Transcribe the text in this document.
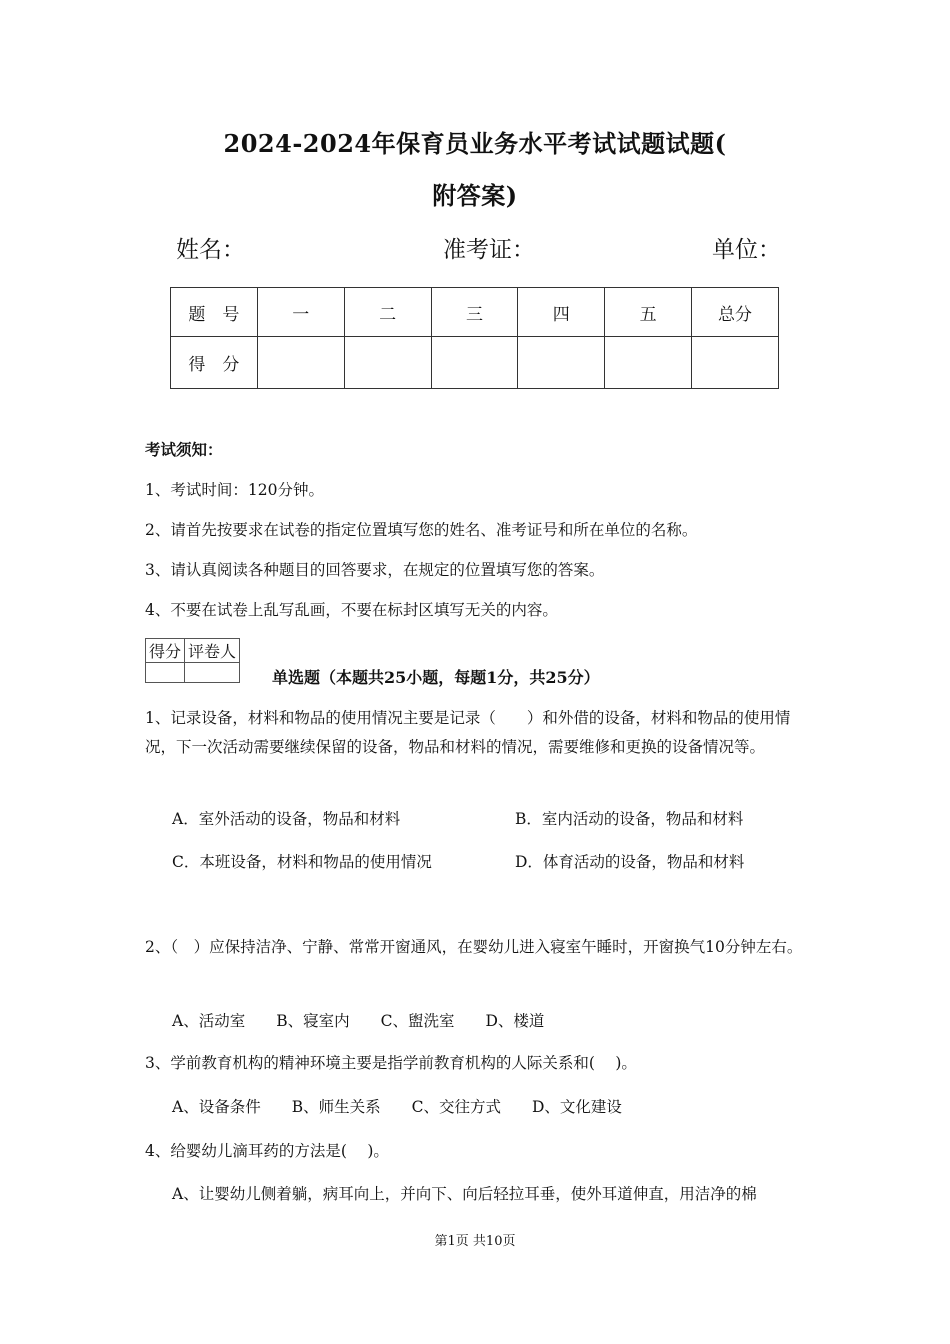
2024-2024年保育员业务水平考试试题试题(
附答案)
姓名：	准考证：	单位：
题　号	一	二	三	四	五	总分
得　分						
考试须知：
1、考试时间：120分钟。
2、请首先按要求在试卷的指定位置填写您的姓名、准考证号和所在单位的名称。
3、请认真阅读各种题目的回答要求，在规定的位置填写您的答案。
4、不要在试卷上乱写乱画，不要在标封区填写无关的内容。
得分	评卷人

单选题（本题共25小题，每题1分，共25分）
1、记录设备，材料和物品的使用情况主要是记录（　　）和外借的设备，材料和物品的使用情况，下一次活动需要继续保留的设备，物品和材料的情况，需要维修和更换的设备情况等。
A．室外活动的设备，物品和材料	B．室内活动的设备，物品和材料
C．本班设备，材料和物品的使用情况	D．体育活动的设备，物品和材料
2、（　）应保持洁净、宁静、常常开窗通风，在婴幼儿进入寝室午睡时，开窗换气10分钟左右。
A、活动室　　B、寝室内　　C、盥洗室　　D、楼道
3、学前教育机构的精神环境主要是指学前教育机构的人际关系和(　 )。
A、设备条件　　B、师生关系　　C、交往方式　　D、文化建设
4、给婴幼儿滴耳药的方法是(　 )。
A、让婴幼儿侧着躺，病耳向上，并向下、向后轻拉耳垂，使外耳道伸直，用洁净的棉
第1页 共10页
